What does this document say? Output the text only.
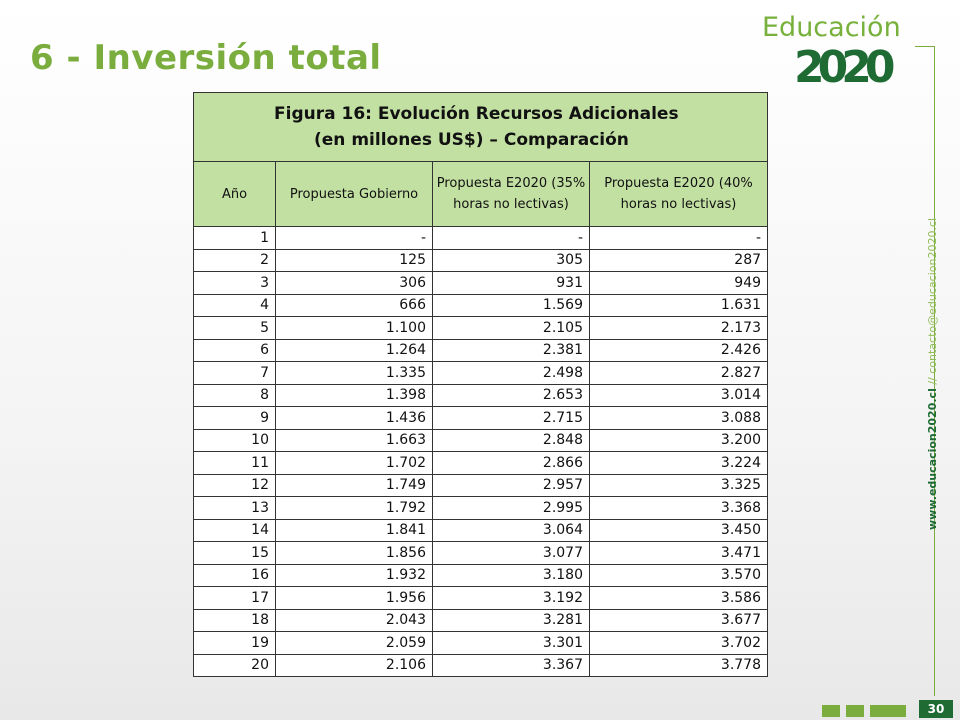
6 - Inversión total
Educación
2020
www.educacion2020.cl // contacto@educacion2020.cl
Figura 16: Evolución Recursos Adicionales
(en millones US$) – Comparación			

Año	Propuesta Gobierno	Propuesta E2020 (35% horas no lectivas)	Propuesta E2020 (40% horas no lectivas)
1	-	-	-
2	125	305	287
3	306	931	949
4	666	1.569	1.631
5	1.100	2.105	2.173
6	1.264	2.381	2.426
7	1.335	2.498	2.827
8	1.398	2.653	3.014
9	1.436	2.715	3.088
10	1.663	2.848	3.200
11	1.702	2.866	3.224
12	1.749	2.957	3.325
13	1.792	2.995	3.368
14	1.841	3.064	3.450
15	1.856	3.077	3.471
16	1.932	3.180	3.570
17	1.956	3.192	3.586
18	2.043	3.281	3.677
19	2.059	3.301	3.702
20	2.106	3.367	3.778
30
